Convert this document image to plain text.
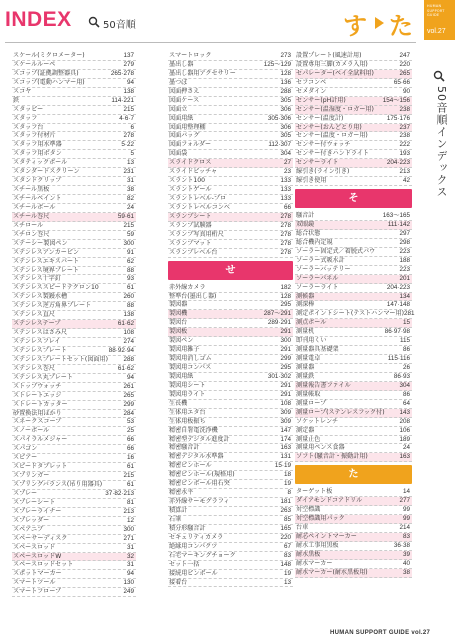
INDEX	50音順	す た
HUMAN SUPPORT GUIDE
vol.27
50音順インデックス
スケール(ミクロメーター)	137
スケールルーペ	279
スコップ(証拠調整器具)	265·278
スコップ(電動ハンマー用)	94
スコヤ	138
鉄	114·221
スタッピー	215
スタッフ	4·6·7
スタッフ台	6
スタッフ付材片	278
スタッフ用水準器	5·22
スタッフ用ボタン	5
スタティックボール	13
スタンダードスクリーン	231
スタンドクリップ	31
スチール黒板	38
スチールペイント	82
スチールボール	24
スチール巻尺	59·61
スチロール	215
スチロン巻尺	59
ステーシー製図ペン	300
ステンレスアンカーピン	91
ステンレスエキスパート	62
ステンレス境界プレート	88
ステンレス十字釘	93
ステンレススピードテクロン10	61
ステンレス製鏝水槽	260
ステンレス逆方角界プレート	88
ステンレス直尺	138
ステンレステープ	61·62
ステンレスはさみ尺	108
ステンレスフレイ	274
ステンレスプレート	88·92·94
ステンレスプレートセット(図面用) 288
ステンレス巻尺	61·62
ステンレス丸プレート	94
ストップウォッチ	261
ストレートエッジ	265
ストレートカッター	299
砂置換法用ほかり	284
スネークスコープ	53
スノーボール	25
スパイラルメジャー	66
スパゴン	66
スピアー	16
スピードタブレット	61
スプリンガー	215
スプリングバランス(吊り用器具)	61
スプレー	37·82·213
スプレーシート	81
スプレーライナー	213
スプレッダー	12
スペアニブ	300
スペーサーディスク	271
スペースロッド	31
スペースロッドW	32
スペースロッドセット	31
スポットマーカー	94
スマートツール	130
スマートフロープ	249
スマートロック	273
墨出し器	125～129
墨出し器用アクセサリー	128
墨つぼ	136
図面押さえ	288
図面ケース	305
図面立	306
図面用紙	305·306
図面用整理棚	306
図面バッグ	305
図面フォルダー	112·307
図面袋	304
スライドクロス	27
スライドピッチャ	23
スラント100	133
スラントゲール	133
スラントレベル-プロ	133
スラントレベルコンベ	66
スランプシート	278
スランプ試験器	278
スランプ写真用桁尺	278
スランプマット	278
スランプレベル台	278
せ
赤外線カメラ	182
整準台(墨出し器)	128
製図器	295
製図機	287～291
製図台	289·291
製図板	291
製図ペン	300
製図用雑子	291
製図用消しゴム	299
製図用コンパス	295
製図用紙	301·302
製図用シート	291
製図用ライト	291
生長機	108
生体用エタ台	309
生体用板振ち	309
精密自署電洗浄機	147
精密型デジタル進度計	174
精密騒音計	163
精密デジタル水準器	131
精密ピンホール	15·19
精密ピンホール(規格用)	18
精密ピンポール用石突	19
精密水平	8
赤外線サーモグラフィ	181
積算計	263
石筆	85
積分形騒音計	165
セキュリティカメラ	220
絶縁用コンパクツ	67
石宅マーキングチョーク	83
セット一括	148
接続用ピンポール	19
接着台	13
設置プレート(風速計用)	247
設置専用三脚(カメラ入用)	220
セパレーター(ペイ全試料用)	265
セフコンペ	65·66
セメダイン	90
センサー(pH計用)	154～156
センサー(温湿度・ロガー用)	238
センサー(温度計)	175·176
センサー(おんどとり用)	237
センサー(温度・ロガー用)	238
センサー付ウォッチ	222
センサー付きハンドライト	193
センサーライト	204·223
線引き(ライン引き)	213
線引き使用	42
そ
騒音計	163～165
双眼鏡	111·142
総合状態	297
総合機内定規	298
ソーラー固定式／着脱式パウ	223
ソーラー式吸水計	188
ソーラーバッテリー	223
ソーラーパネル	201
ソーラーライト	204·223
測候器	134
測深棒	147·148
測定ポイントシート(テストハンマー用) 281
測点ボール	15
測量机	86·97·98
即刊用くい	115
測量器具基礎架	86
測量電卓	115·116
測量器	26
測量鉄	86·93
測量報告書ファイル	304
測量帳取	86
測量ロープ	64
測量ロープ(ステンレスフック付) 143
ソケットレンチ	208
測定器	106
測量止色	189
測量用ペンス食器	24
ソフト(騒音計・振動計用)	163
た
ターゲット板	14
ダイアモンドコアドリル	277
対空標識	99
対空標識用パック	99
台車	214
耐芯ペイントマーカー	83
耐水工事用黒板	36·38
耐水黒板	39
耐水マーカー	40
耐水マーカー(耐水黒板用)	38
HUMAN SUPPORT GUIDE vol.27
